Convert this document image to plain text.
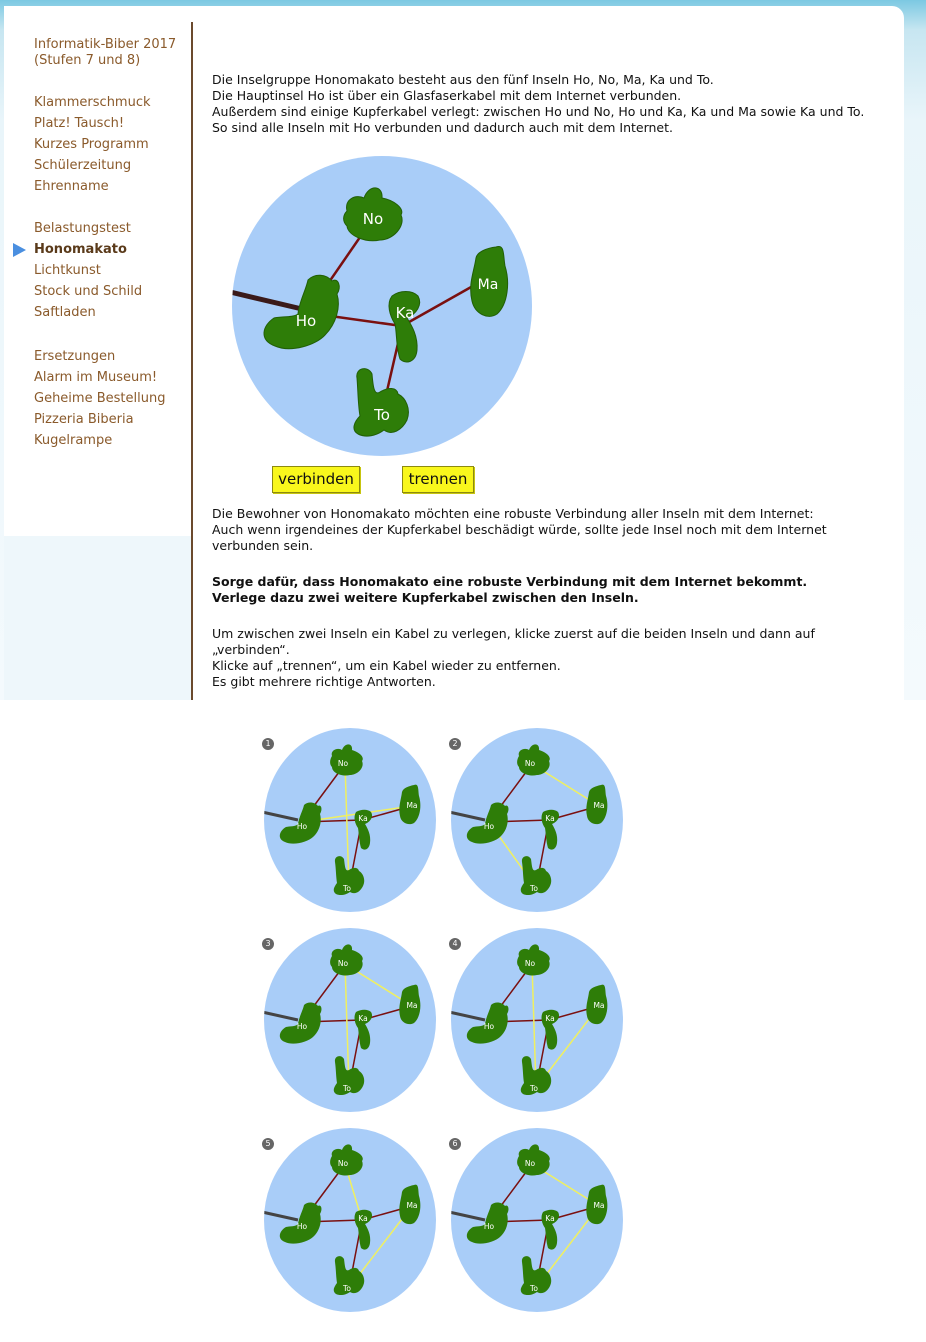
Informatik-Biber 2017
(Stufen 7 und 8)
Klammerschmuck
Platz! Tausch!
Kurzes Programm
Schülerzeitung
Ehrenname
Belastungstest
Honomakato
Lichtkunst
Stock und Schild
Saftladen
Ersetzungen
Alarm im Museum!
Geheime Bestellung
Pizzeria Biberia
Kugelrampe
Die Inselgruppe Honomakato besteht aus den fünf Inseln Ho, No, Ma, Ka und To.
Die Hauptinsel Ho ist über ein Glasfaserkabel mit dem Internet verbunden.
Außerdem sind einige Kupferkabel verlegt: zwischen Ho und No, Ho und Ka, Ka und Ma sowie Ka und To.
So sind alle Inseln mit Ho verbunden und dadurch auch mit dem Internet.
No
Ma
Ho	Ka
To
verbinden	trennen
Die Bewohner von Honomakato möchten eine robuste Verbindung aller Inseln mit dem Internet:
Auch wenn irgendeines der Kupferkabel beschädigt würde, sollte jede Insel noch mit dem Internet
verbunden sein.
Sorge dafür, dass Honomakato eine robuste Verbindung mit dem Internet bekommt.
Verlege dazu zwei weitere Kupferkabel zwischen den Inseln.
Um zwischen zwei Inseln ein Kabel zu verlegen, klicke zuerst auf die beiden Inseln und dann auf
„verbinden“.
Klicke auf „trennen“, um ein Kabel wieder zu entfernen.
Es gibt mehrere richtige Antworten.
No
Ma
Ho
Ka
To
1
No
Ma
Ho
Ka
To
2
No
Ma
Ho
Ka
To
3
No
Ma
Ho
Ka
To
4
No
Ma
Ho
Ka
To
5
No
Ma
Ho
Ka
To
6
